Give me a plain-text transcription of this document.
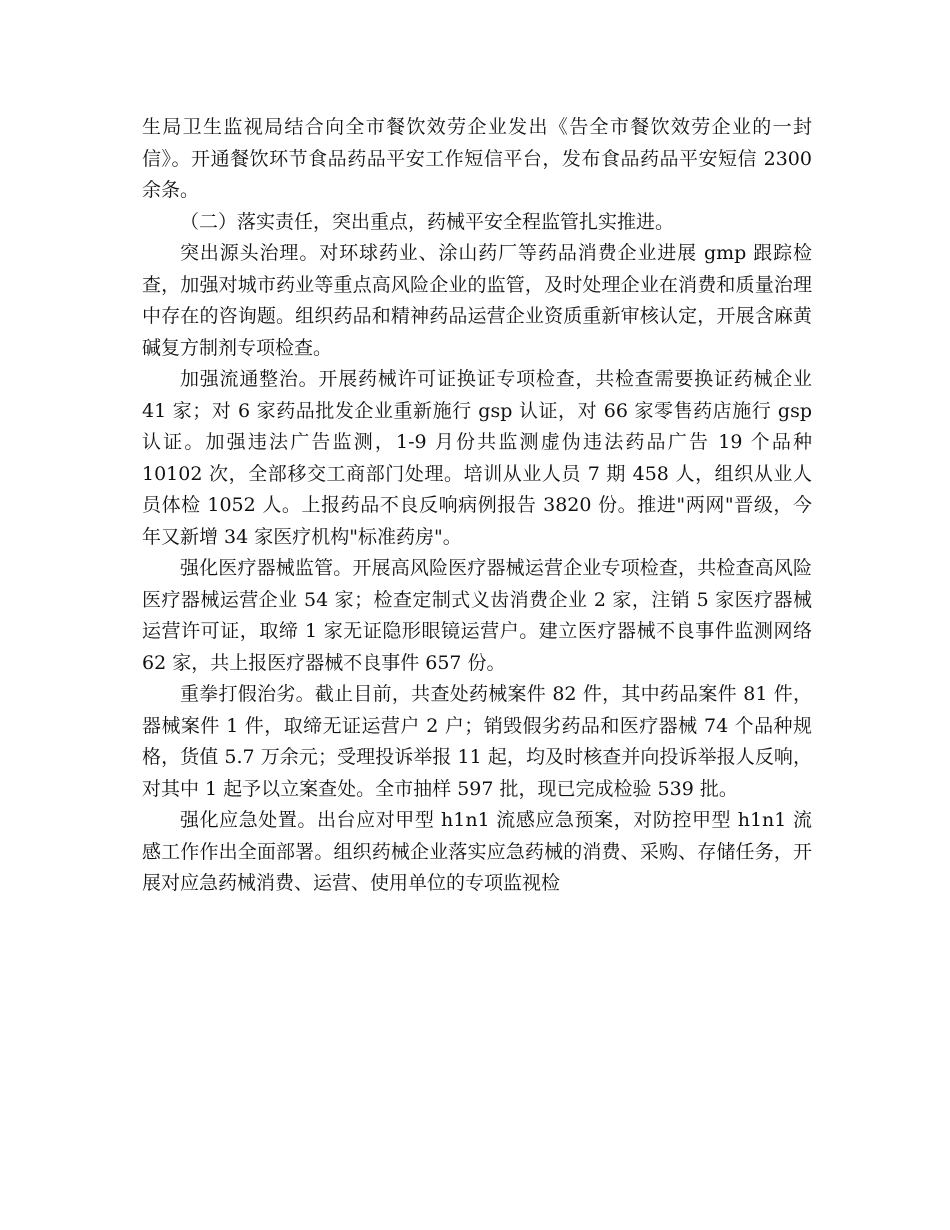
生局卫生监视局结合向全市餐饮效劳企业发出《告全市餐饮效劳企业的一封信》。开通餐饮环节食品药品平安工作短信平台，发布食品药品平安短信 2300 余条。

（二）落实责任，突出重点，药械平安全程监管扎实推进。

突出源头治理。对环球药业、涂山药厂等药品消费企业进展 gmp 跟踪检查，加强对城市药业等重点高风险企业的监管，及时处理企业在消费和质量治理中存在的咨询题。组织药品和精神药品运营企业资质重新审核认定，开展含麻黄碱复方制剂专项检查。

加强流通整治。开展药械许可证换证专项检查，共检查需要换证药械企业 41 家；对 6 家药品批发企业重新施行 gsp 认证，对 66 家零售药店施行 gsp 认证。加强违法广告监测，1-9 月份共监测虚伪违法药品广告 19 个品种 10102 次，全部移交工商部门处理。培训从业人员 7 期 458 人，组织从业人员体检 1052 人。上报药品不良反响病例报告 3820 份。推进"两网"晋级，今年又新增 34 家医疗机构"标准药房"。

强化医疗器械监管。开展高风险医疗器械运营企业专项检查，共检查高风险医疗器械运营企业 54 家；检查定制式义齿消费企业 2 家，注销 5 家医疗器械运营许可证，取缔 1 家无证隐形眼镜运营户。建立医疗器械不良事件监测网络 62 家，共上报医疗器械不良事件 657 份。

重拳打假治劣。截止目前，共查处药械案件 82 件，其中药品案件 81 件，器械案件 1 件，取缔无证运营户 2 户；销毁假劣药品和医疗器械 74 个品种规格，货值 5.7 万余元；受理投诉举报 11 起，均及时核查并向投诉举报人反响，对其中 1 起予以立案查处。全市抽样 597 批，现已完成检验 539 批。

强化应急处置。出台应对甲型 h1n1 流感应急预案，对防控甲型 h1n1 流感工作作出全面部署。组织药械企业落实应急药械的消费、采购、存储任务，开展对应急药械消费、运营、使用单位的专项监视检
